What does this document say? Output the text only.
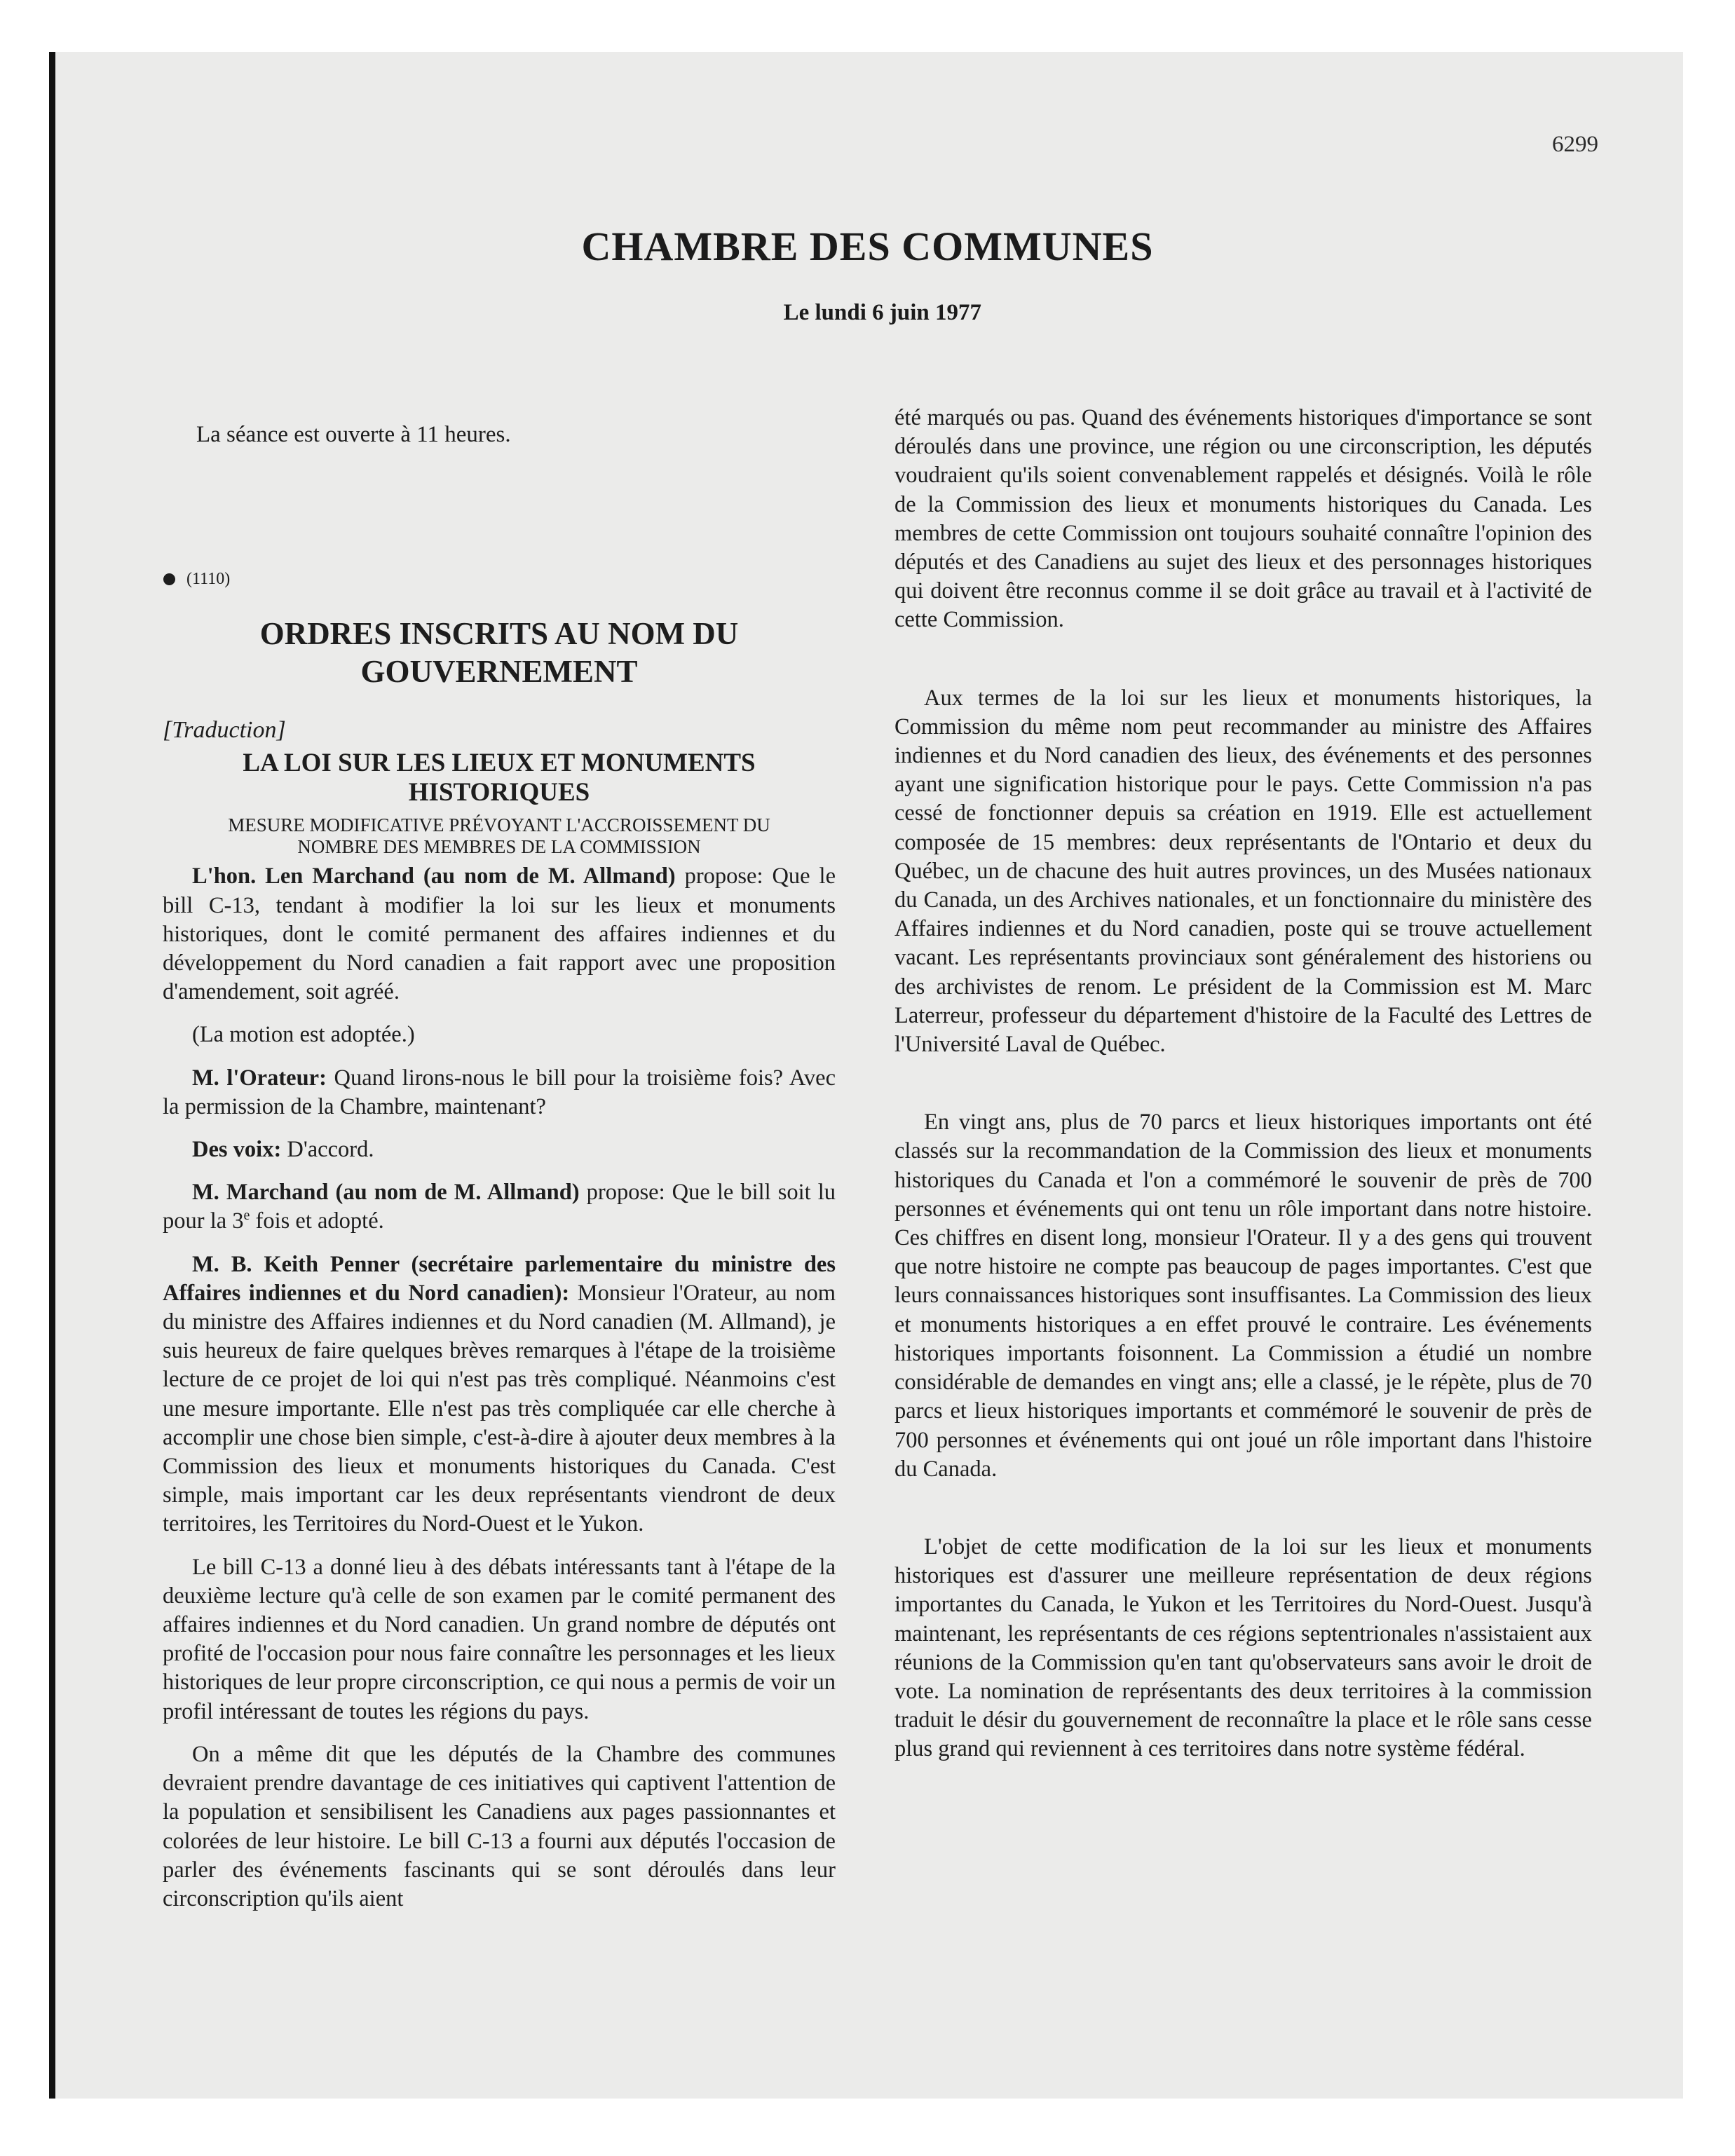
6299
CHAMBRE DES COMMUNES
Le lundi 6 juin 1977
La séance est ouverte à 11 heures.
(1110)
ORDRES INSCRITS AU NOM DU
GOUVERNEMENT
[Traduction]
LA LOI SUR LES LIEUX ET MONUMENTS
HISTORIQUES
MESURE MODIFICATIVE PRÉVOYANT L'ACCROISSEMENT DU NOMBRE DES MEMBRES DE LA COMMISSION

L'hon. Len Marchand (au nom de M. Allmand) propose: Que le bill C-13, tendant à modifier la loi sur les lieux et monuments historiques, dont le comité permanent des affaires indiennes et du développement du Nord canadien a fait rapport avec une proposition d'amendement, soit agréé.

(La motion est adoptée.)

M. l'Orateur: Quand lirons-nous le bill pour la troisième fois? Avec la permission de la Chambre, maintenant?

Des voix: D'accord.

M. Marchand (au nom de M. Allmand) propose: Que le bill soit lu pour la 3e fois et adopté.

M. B. Keith Penner (secrétaire parlementaire du ministre des Affaires indiennes et du Nord canadien): Monsieur l'Orateur, au nom du ministre des Affaires indiennes et du Nord canadien (M. Allmand), je suis heureux de faire quelques brèves remarques à l'étape de la troisième lecture de ce projet de loi qui n'est pas très compliqué. Néanmoins c'est une mesure importante. Elle n'est pas très compliquée car elle cherche à accomplir une chose bien simple, c'est-à-dire à ajouter deux membres à la Commission des lieux et monuments historiques du Canada. C'est simple, mais important car les deux représentants viendront de deux territoires, les Territoires du Nord-Ouest et le Yukon.

Le bill C-13 a donné lieu à des débats intéressants tant à l'étape de la deuxième lecture qu'à celle de son examen par le comité permanent des affaires indiennes et du Nord canadien. Un grand nombre de députés ont profité de l'occasion pour nous faire connaître les personnages et les lieux historiques de leur propre circonscription, ce qui nous a permis de voir un profil intéressant de toutes les régions du pays.

On a même dit que les députés de la Chambre des communes devraient prendre davantage de ces initiatives qui captivent l'attention de la population et sensibilisent les Canadiens aux pages passionnantes et colorées de leur histoire. Le bill C-13 a fourni aux députés l'occasion de parler des événements fascinants qui se sont déroulés dans leur circonscription qu'ils aient

été marqués ou pas. Quand des événements historiques d'importance se sont déroulés dans une province, une région ou une circonscription, les députés voudraient qu'ils soient convenablement rappelés et désignés. Voilà le rôle de la Commission des lieux et monuments historiques du Canada. Les membres de cette Commission ont toujours souhaité connaître l'opinion des députés et des Canadiens au sujet des lieux et des personnages historiques qui doivent être reconnus comme il se doit grâce au travail et à l'activité de cette Commission.

Aux termes de la loi sur les lieux et monuments historiques, la Commission du même nom peut recommander au ministre des Affaires indiennes et du Nord canadien des lieux, des événements et des personnes ayant une signification historique pour le pays. Cette Commission n'a pas cessé de fonctionner depuis sa création en 1919. Elle est actuellement composée de 15 membres: deux représentants de l'Ontario et deux du Québec, un de chacune des huit autres provinces, un des Musées nationaux du Canada, un des Archives nationales, et un fonctionnaire du ministère des Affaires indiennes et du Nord canadien, poste qui se trouve actuellement vacant. Les représentants provinciaux sont généralement des historiens ou des archivistes de renom. Le président de la Commission est M. Marc Laterreur, professeur du département d'histoire de la Faculté des Lettres de l'Université Laval de Québec.

En vingt ans, plus de 70 parcs et lieux historiques importants ont été classés sur la recommandation de la Commission des lieux et monuments historiques du Canada et l'on a commémoré le souvenir de près de 700 personnes et événements qui ont tenu un rôle important dans notre histoire. Ces chiffres en disent long, monsieur l'Orateur. Il y a des gens qui trouvent que notre histoire ne compte pas beaucoup de pages importantes. C'est que leurs connaissances historiques sont insuffisantes. La Commission des lieux et monuments historiques a en effet prouvé le contraire. Les événements historiques importants foisonnent. La Commission a étudié un nombre considérable de demandes en vingt ans; elle a classé, je le répète, plus de 70 parcs et lieux historiques importants et commémoré le souvenir de près de 700 personnes et événements qui ont joué un rôle important dans l'histoire du Canada.

L'objet de cette modification de la loi sur les lieux et monuments historiques est d'assurer une meilleure représentation de deux régions importantes du Canada, le Yukon et les Territoires du Nord-Ouest. Jusqu'à maintenant, les représentants de ces régions septentrionales n'assistaient aux réunions de la Commission qu'en tant qu'observateurs sans avoir le droit de vote. La nomination de représentants des deux territoires à la commission traduit le désir du gouvernement de reconnaître la place et le rôle sans cesse plus grand qui reviennent à ces territoires dans notre système fédéral.
